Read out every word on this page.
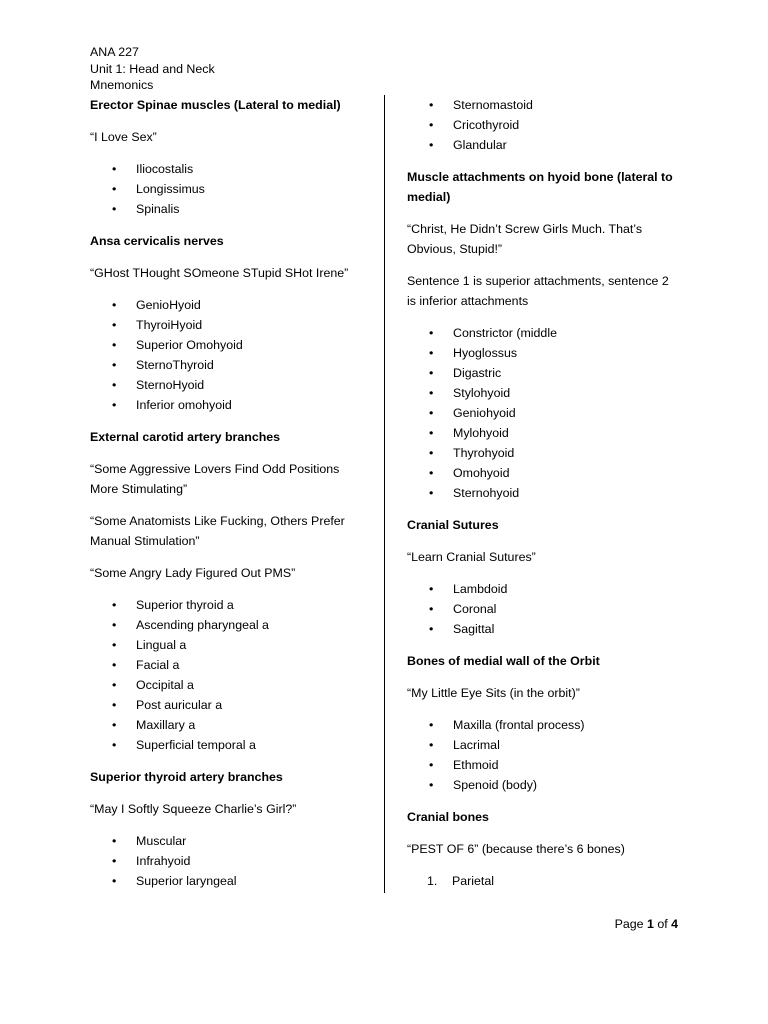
ANA 227
Unit 1: Head and Neck
Mnemonics

Erector Spinae muscles (Lateral to medial)

“I Love Sex”

• Iliocostalis
• Longissimus
• Spinalis

Ansa cervicalis nerves

“GHost THought SOmeone STupid SHot Irene”

• GenioHyoid
• ThyroiHyoid
• Superior Omohyoid
• SternoThyroid
• SternoHyoid
• Inferior omohyoid

External carotid artery branches

“Some Aggressive Lovers Find Odd Positions
More Stimulating”

“Some Anatomists Like Fucking, Others Prefer
Manual Stimulation”

“Some Angry Lady Figured Out PMS”

• Superior thyroid a
• Ascending pharyngeal a
• Lingual a
• Facial a
• Occipital a
• Post auricular a
• Maxillary a
• Superficial temporal a

Superior thyroid artery branches

“May I Softly Squeeze Charlie’s Girl?”

• Muscular
• Infrahyoid
• Superior laryngeal
• Sternomastoid
• Cricothyroid
• Glandular

Muscle attachments on hyoid bone (lateral to
medial)

“Christ, He Didn’t Screw Girls Much. That’s
Obvious, Stupid!”

Sentence 1 is superior attachments, sentence 2
is inferior attachments

• Constrictor (middle
• Hyoglossus
• Digastric
• Stylohyoid
• Geniohyoid
• Mylohyoid
• Thyrohyoid
• Omohyoid
• Sternohyoid

Cranial Sutures

“Learn Cranial Sutures”

• Lambdoid
• Coronal
• Sagittal

Bones of medial wall of the Orbit

“My Little Eye Sits (in the orbit)”

• Maxilla (frontal process)
• Lacrimal
• Ethmoid
• Spenoid (body)

Cranial bones

“PEST OF 6” (because there’s 6 bones)

1. Parietal
Page 1 of 4
